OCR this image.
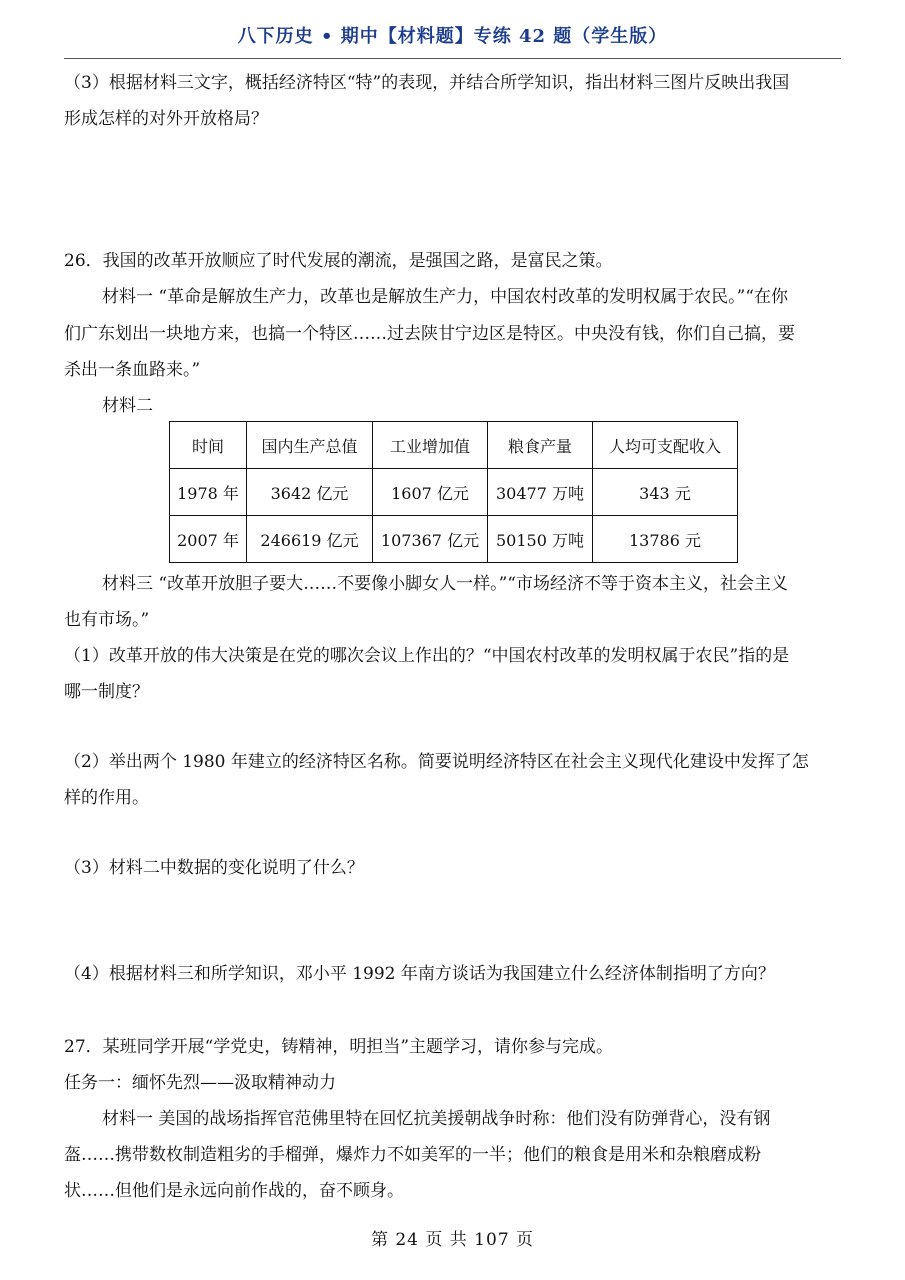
八下历史 • 期中【材料题】专练 42 题（学生版）
（3）根据材料三文字，概括经济特区“特”的表现，并结合所学知识，指出材料三图片反映出我国
形成怎样的对外开放格局？
26．我国的改革开放顺应了时代发展的潮流，是强国之路，是富民之策。
材料一 “革命是解放生产力，改革也是解放生产力，中国农村改革的发明权属于农民。”“在你
们广东划出一块地方来，也搞一个特区……过去陕甘宁边区是特区。中央没有钱，你们自己搞，要
杀出一条血路来。”
材料二
时间	国内生产总值	工业增加值	粮食产量	人均可支配收入
1978 年	3642 亿元	1607 亿元	30477 万吨	343 元
2007 年	246619 亿元	107367 亿元	50150 万吨	13786 元
材料三 “改革开放胆子要大……不要像小脚女人一样。”“市场经济不等于资本主义，社会主义
也有市场。”
（1）改革开放的伟大决策是在党的哪次会议上作出的？“中国农村改革的发明权属于农民”指的是
哪一制度？
（2）举出两个 1980 年建立的经济特区名称。简要说明经济特区在社会主义现代化建设中发挥了怎
样的作用。
（3）材料二中数据的变化说明了什么？
（4）根据材料三和所学知识，邓小平 1992 年南方谈话为我国建立什么经济体制指明了方向？
27．某班同学开展“学党史，铸精神，明担当”主题学习，请你参与完成。
任务一：缅怀先烈——汲取精神动力
材料一 美国的战场指挥官范佛里特在回忆抗美援朝战争时称：他们没有防弹背心，没有钢
盔……携带数枚制造粗劣的手榴弹，爆炸力不如美军的一半；他们的粮食是用米和杂粮磨成粉
状……但他们是永远向前作战的，奋不顾身。
第 24 页 共 107 页
